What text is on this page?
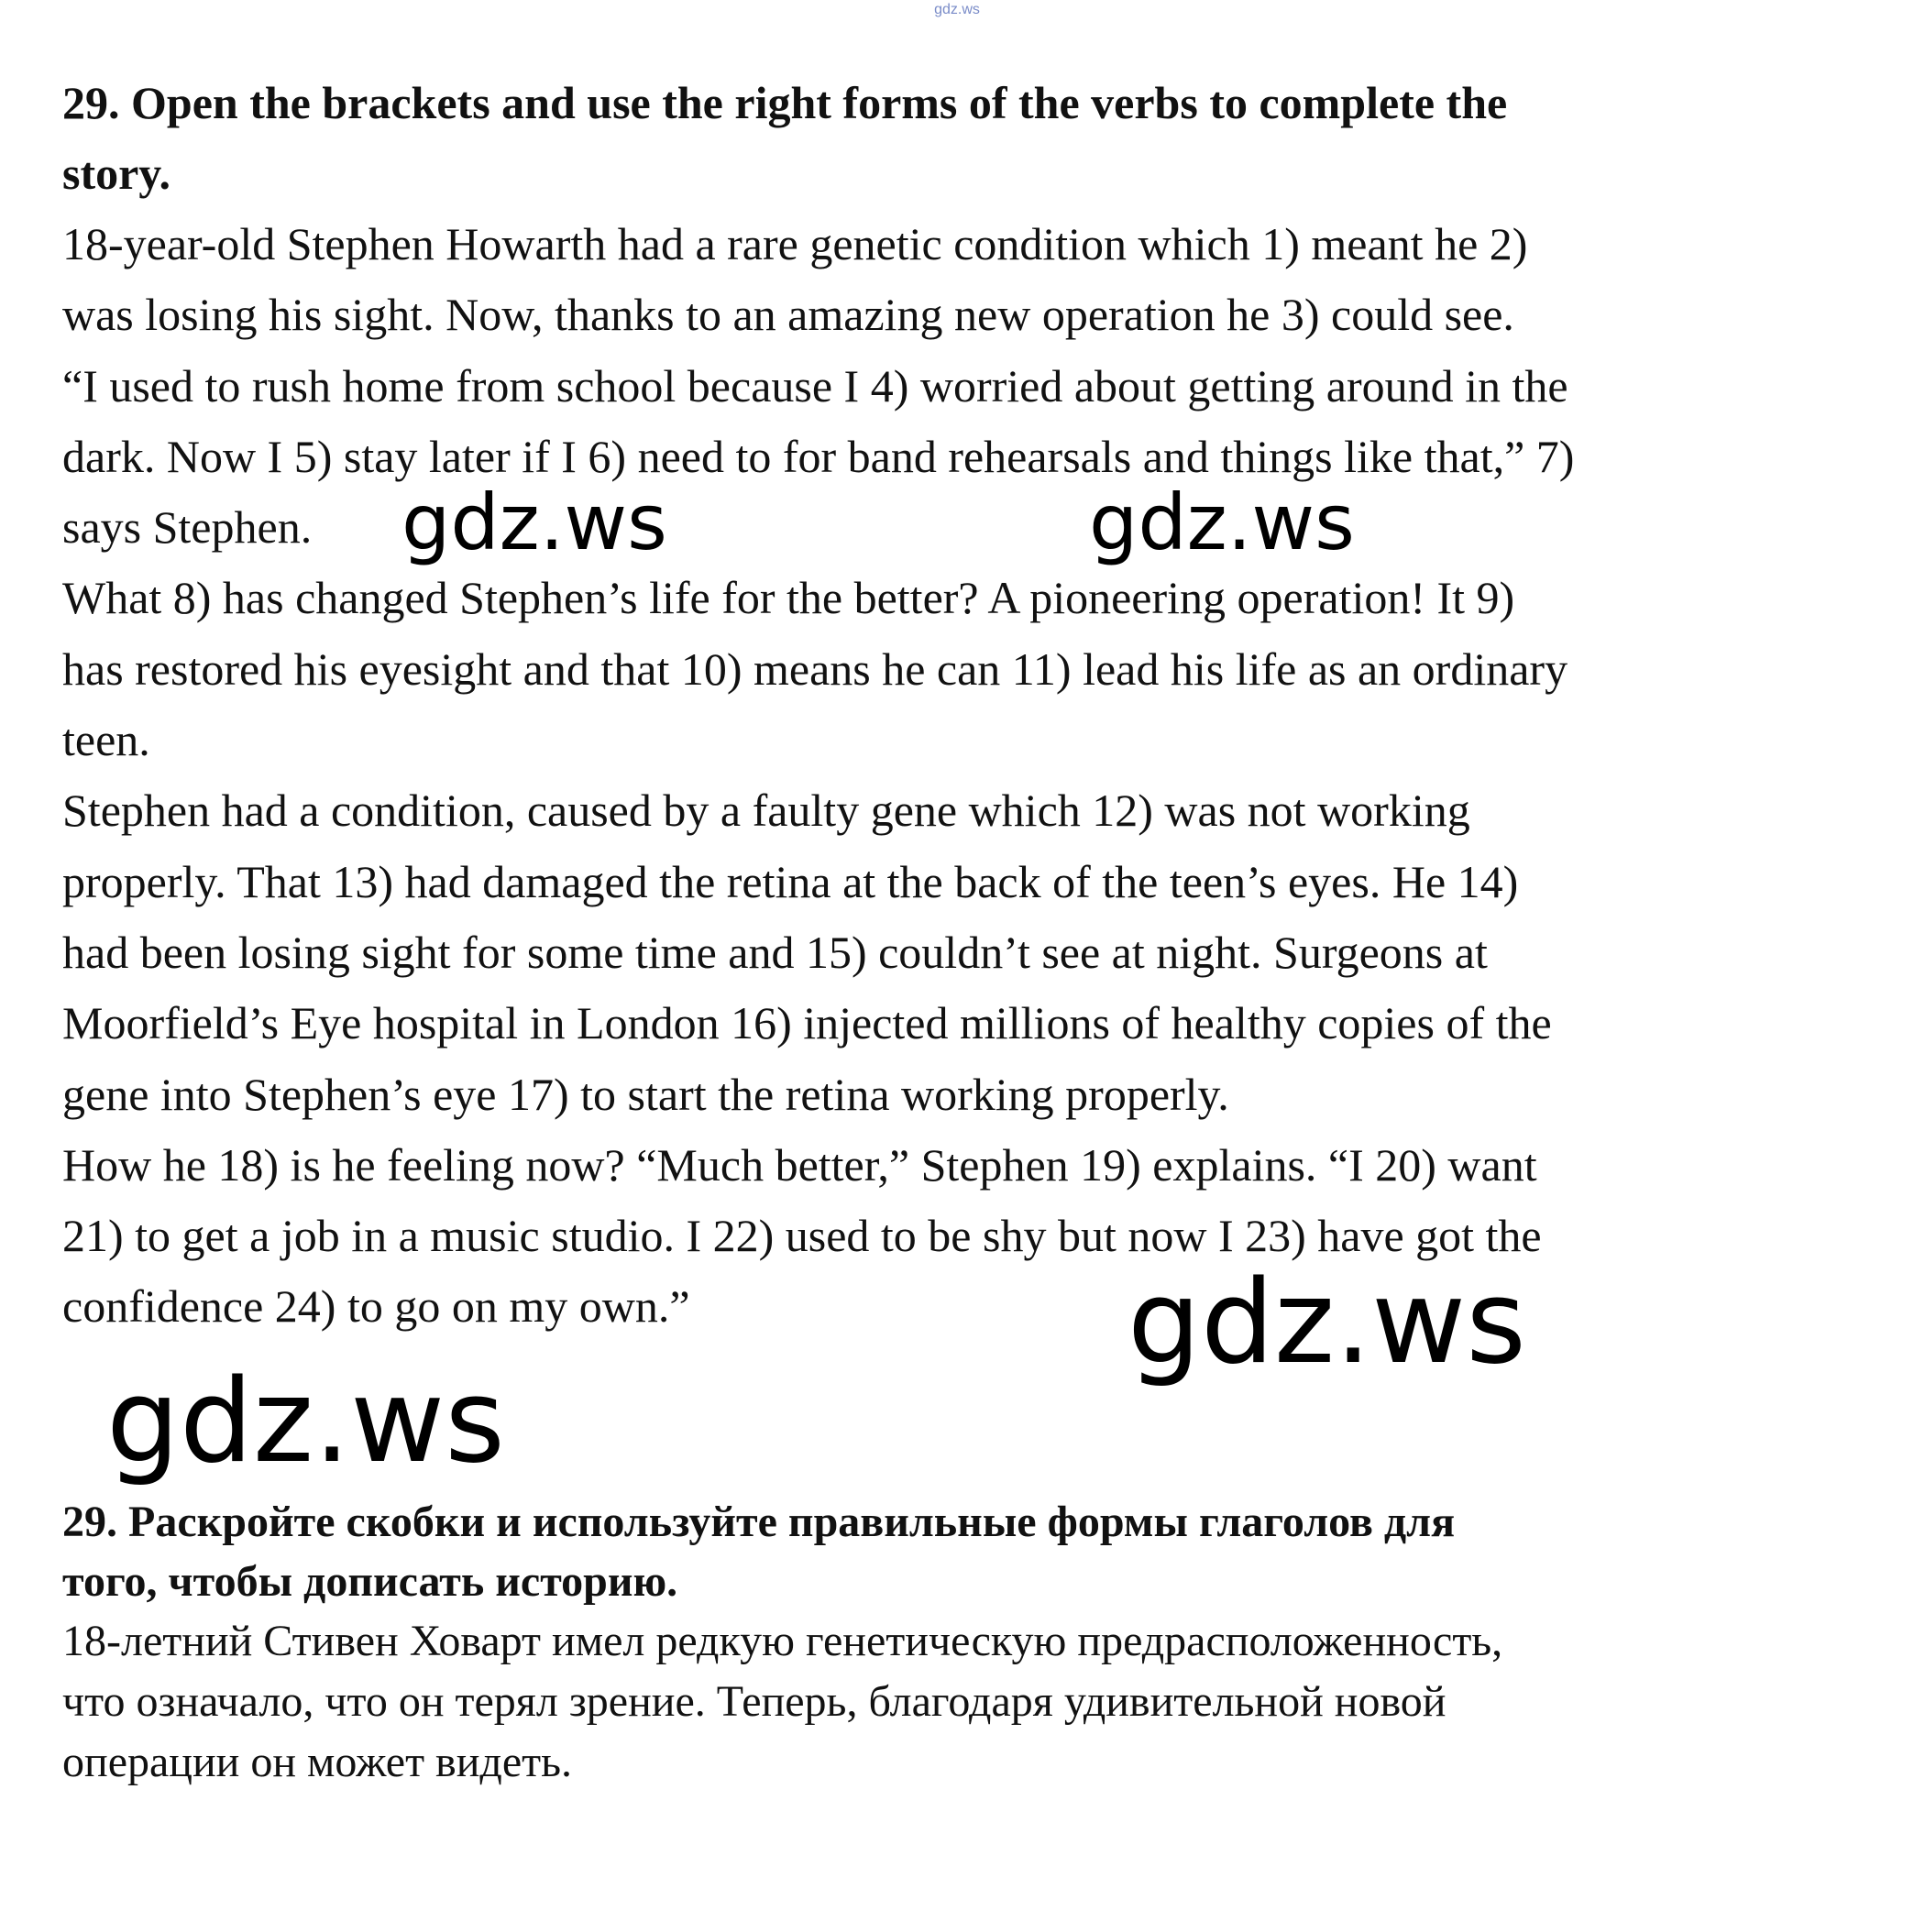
gdz.ws

29. Open the brackets and use the right forms of the verbs to complete the
story.

18-year-old Stephen Howarth had a rare genetic condition which 1) meant he 2)
was losing his sight. Now, thanks to an amazing new operation he 3) could see.
“I used to rush home from school because I 4) worried about getting around in the
dark. Now I 5) stay later if I 6) need to for band rehearsals and things like that,” 7)
says Stephen.
What 8) has changed Stephen’s life for the better? A pioneering operation! It 9)
has restored his eyesight and that 10) means he can 11) lead his life as an ordinary
teen.
Stephen had a condition, caused by a faulty gene which 12) was not working
properly. That 13) had damaged the retina at the back of the teen’s eyes. He 14)
had been losing sight for some time and 15) couldn’t see at night. Surgeons at
Moorfield’s Eye hospital in London 16) injected millions of healthy copies of the
gene into Stephen’s eye 17) to start the retina working properly.
How he 18) is he feeling now? “Much better,” Stephen 19) explains. “I 20) want
21) to get a job in a music studio. I 22) used to be shy but now I 23) have got the
confidence 24) to go on my own.”

gdz.ws	gdz.ws
gdz.ws
gdz.ws

29. Раскройте скобки и используйте правильные формы глаголов для
того, чтобы дописать историю.

18-летний Стивен Ховарт имел редкую генетическую предрасположенность,
что означало, что он терял зрение. Теперь, благодаря удивительной новой
операции он может видеть.
